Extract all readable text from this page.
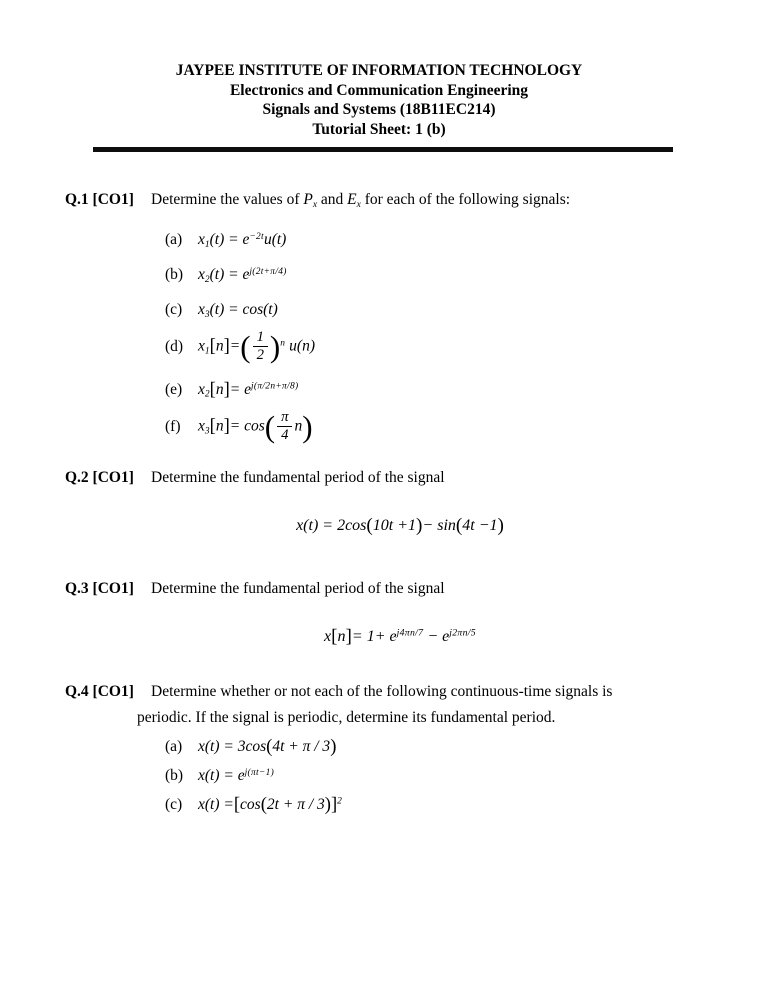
JAYPEE INSTITUTE OF INFORMATION TECHNOLOGY
Electronics and Communication Engineering
Signals and Systems (18B11EC214)
Tutorial Sheet: 1 (b)
Q.1 [CO1]	Determine the values of Px and Ex for each of the following signals:
(a)	$x1(t) = e^{-2t}u(t)$
(b) $x2(t) = e^{j(2t+\pi/4)}$
(c)	x3(t) = cos(t)
(d) $x1[n]=( \frac{1}{2} )^n$ u(n)
(e)	$x2[n]= e^{j(\pi/2n+\pi/8)}$
(f)	$x3[n]= \cos( \frac{\pi}{4} n)$
Q.2 [CO1]	Determine the fundamental period of the signal
x(t) = 2cos(10t +1)− sin(4t −1)
Q.3 [CO1]	Determine the fundamental period of the signal
$x[n]= 1+ e^{j4\pi n/7} - e^{j2\pi n/5}$
Q.4 [CO1]	Determine whether or not each of the following continuous-time signals is
periodic. If the signal is periodic, determine its fundamental period.
(a)	x(t) = 3cos(4t + π / 3)
(b) $x(t) = e^{j(\pi t-1)}$
(c)	$x(t) =[\cos(2t + \pi / 3)]^2$
